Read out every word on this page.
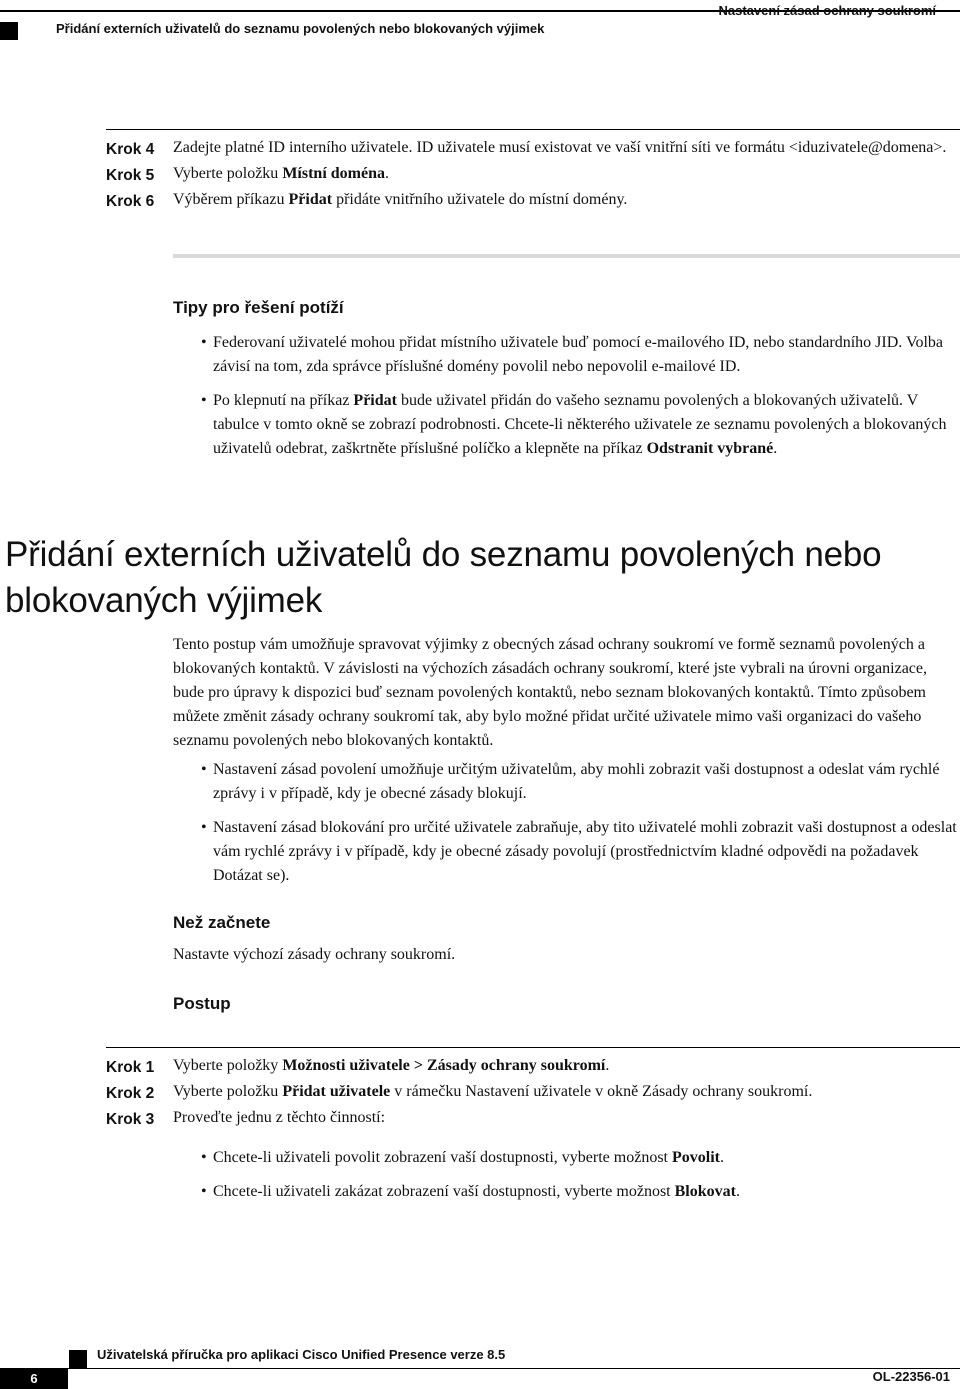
Přidání externích uživatelů do seznamu povolených nebo blokovaných výjimek
Nastavení zásad ochrany soukromí
Krok 4	Zadejte platné ID interního uživatele. ID uživatele musí existovat ve vaší vnitřní síti ve formátu <iduzivatele@domena>.
Krok 5	Vyberte položku Místní doména.
Krok 6	Výběrem příkazu Přidat přidáte vnitřního uživatele do místní domény.
Tipy pro řešení potíží
• Federovaní uživatelé mohou přidat místního uživatele buď pomocí e-mailového ID, nebo standardního JID. Volba závisí na tom, zda správce příslušné domény povolil nebo nepovolil e-mailové ID.
• Po klepnutí na příkaz Přidat bude uživatel přidán do vašeho seznamu povolených a blokovaných uživatelů. V tabulce v tomto okně se zobrazí podrobnosti. Chcete-li některého uživatele ze seznamu povolených a blokovaných uživatelů odebrat, zaškrtněte příslušné políčko a klepněte na příkaz Odstranit vybrané.
Přidání externích uživatelů do seznamu povolených nebo blokovaných výjimek
Tento postup vám umožňuje spravovat výjimky z obecných zásad ochrany soukromí ve formě seznamů povolených a blokovaných kontaktů. V závislosti na výchozích zásadách ochrany soukromí, které jste vybrali na úrovni organizace, bude pro úpravy k dispozici buď seznam povolených kontaktů, nebo seznam blokovaných kontaktů. Tímto způsobem můžete změnit zásady ochrany soukromí tak, aby bylo možné přidat určité uživatele mimo vaši organizaci do vašeho seznamu povolených nebo blokovaných kontaktů.
• Nastavení zásad povolení umožňuje určitým uživatelům, aby mohli zobrazit vaši dostupnost a odeslat vám rychlé zprávy i v případě, kdy je obecné zásady blokují.
• Nastavení zásad blokování pro určité uživatele zabraňuje, aby tito uživatelé mohli zobrazit vaši dostupnost a odeslat vám rychlé zprávy i v případě, kdy je obecné zásady povolují (prostřednictvím kladné odpovědi na požadavek Dotázat se).
Než začnete
Nastavte výchozí zásady ochrany soukromí.
Postup
Krok 1	Vyberte položky Možnosti uživatele > Zásady ochrany soukromí.
Krok 2	Vyberte položku Přidat uživatele v rámečku Nastavení uživatele v okně Zásady ochrany soukromí.
Krok 3	Proveďte jednu z těchto činností:
• Chcete-li uživateli povolit zobrazení vaší dostupnosti, vyberte možnost Povolit.
• Chcete-li uživateli zakázat zobrazení vaší dostupnosti, vyberte možnost Blokovat.
Uživatelská příručka pro aplikaci Cisco Unified Presence verze 8.5
6	OL-22356-01
